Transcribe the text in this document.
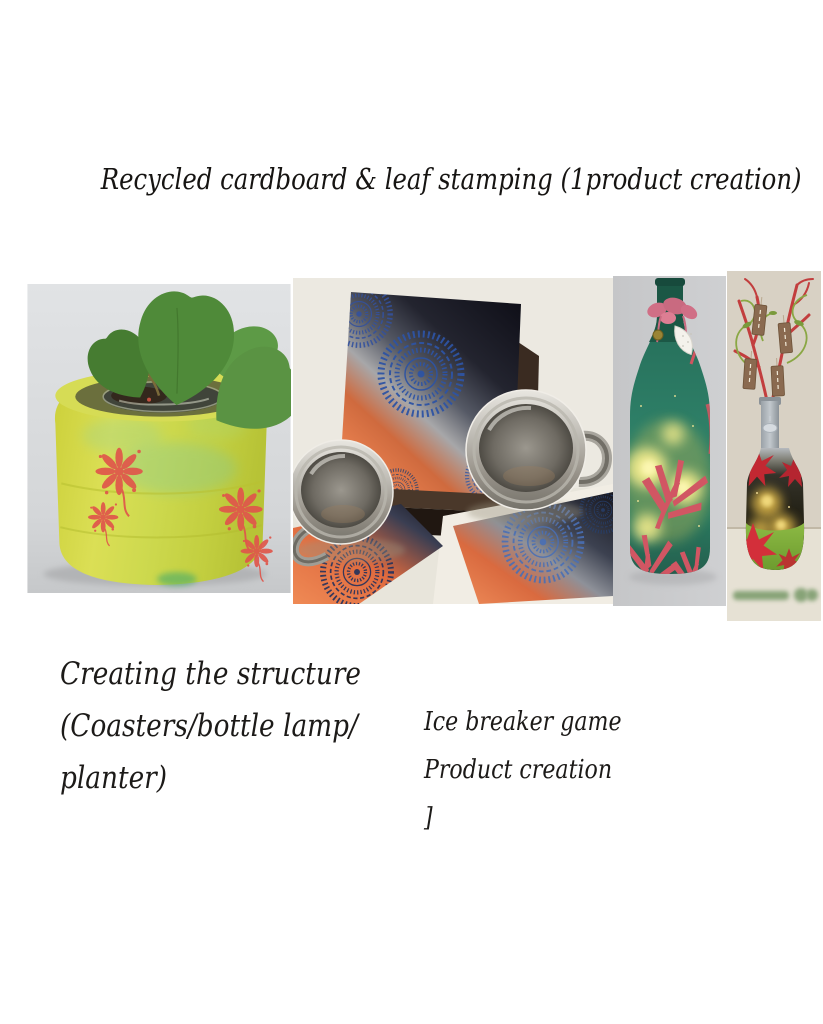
Recycled cardboard & leaf stamping (1product creation)
Creating the structure
(Coasters/bottle lamp/
planter)
Ice breaker game
Product creation
]
